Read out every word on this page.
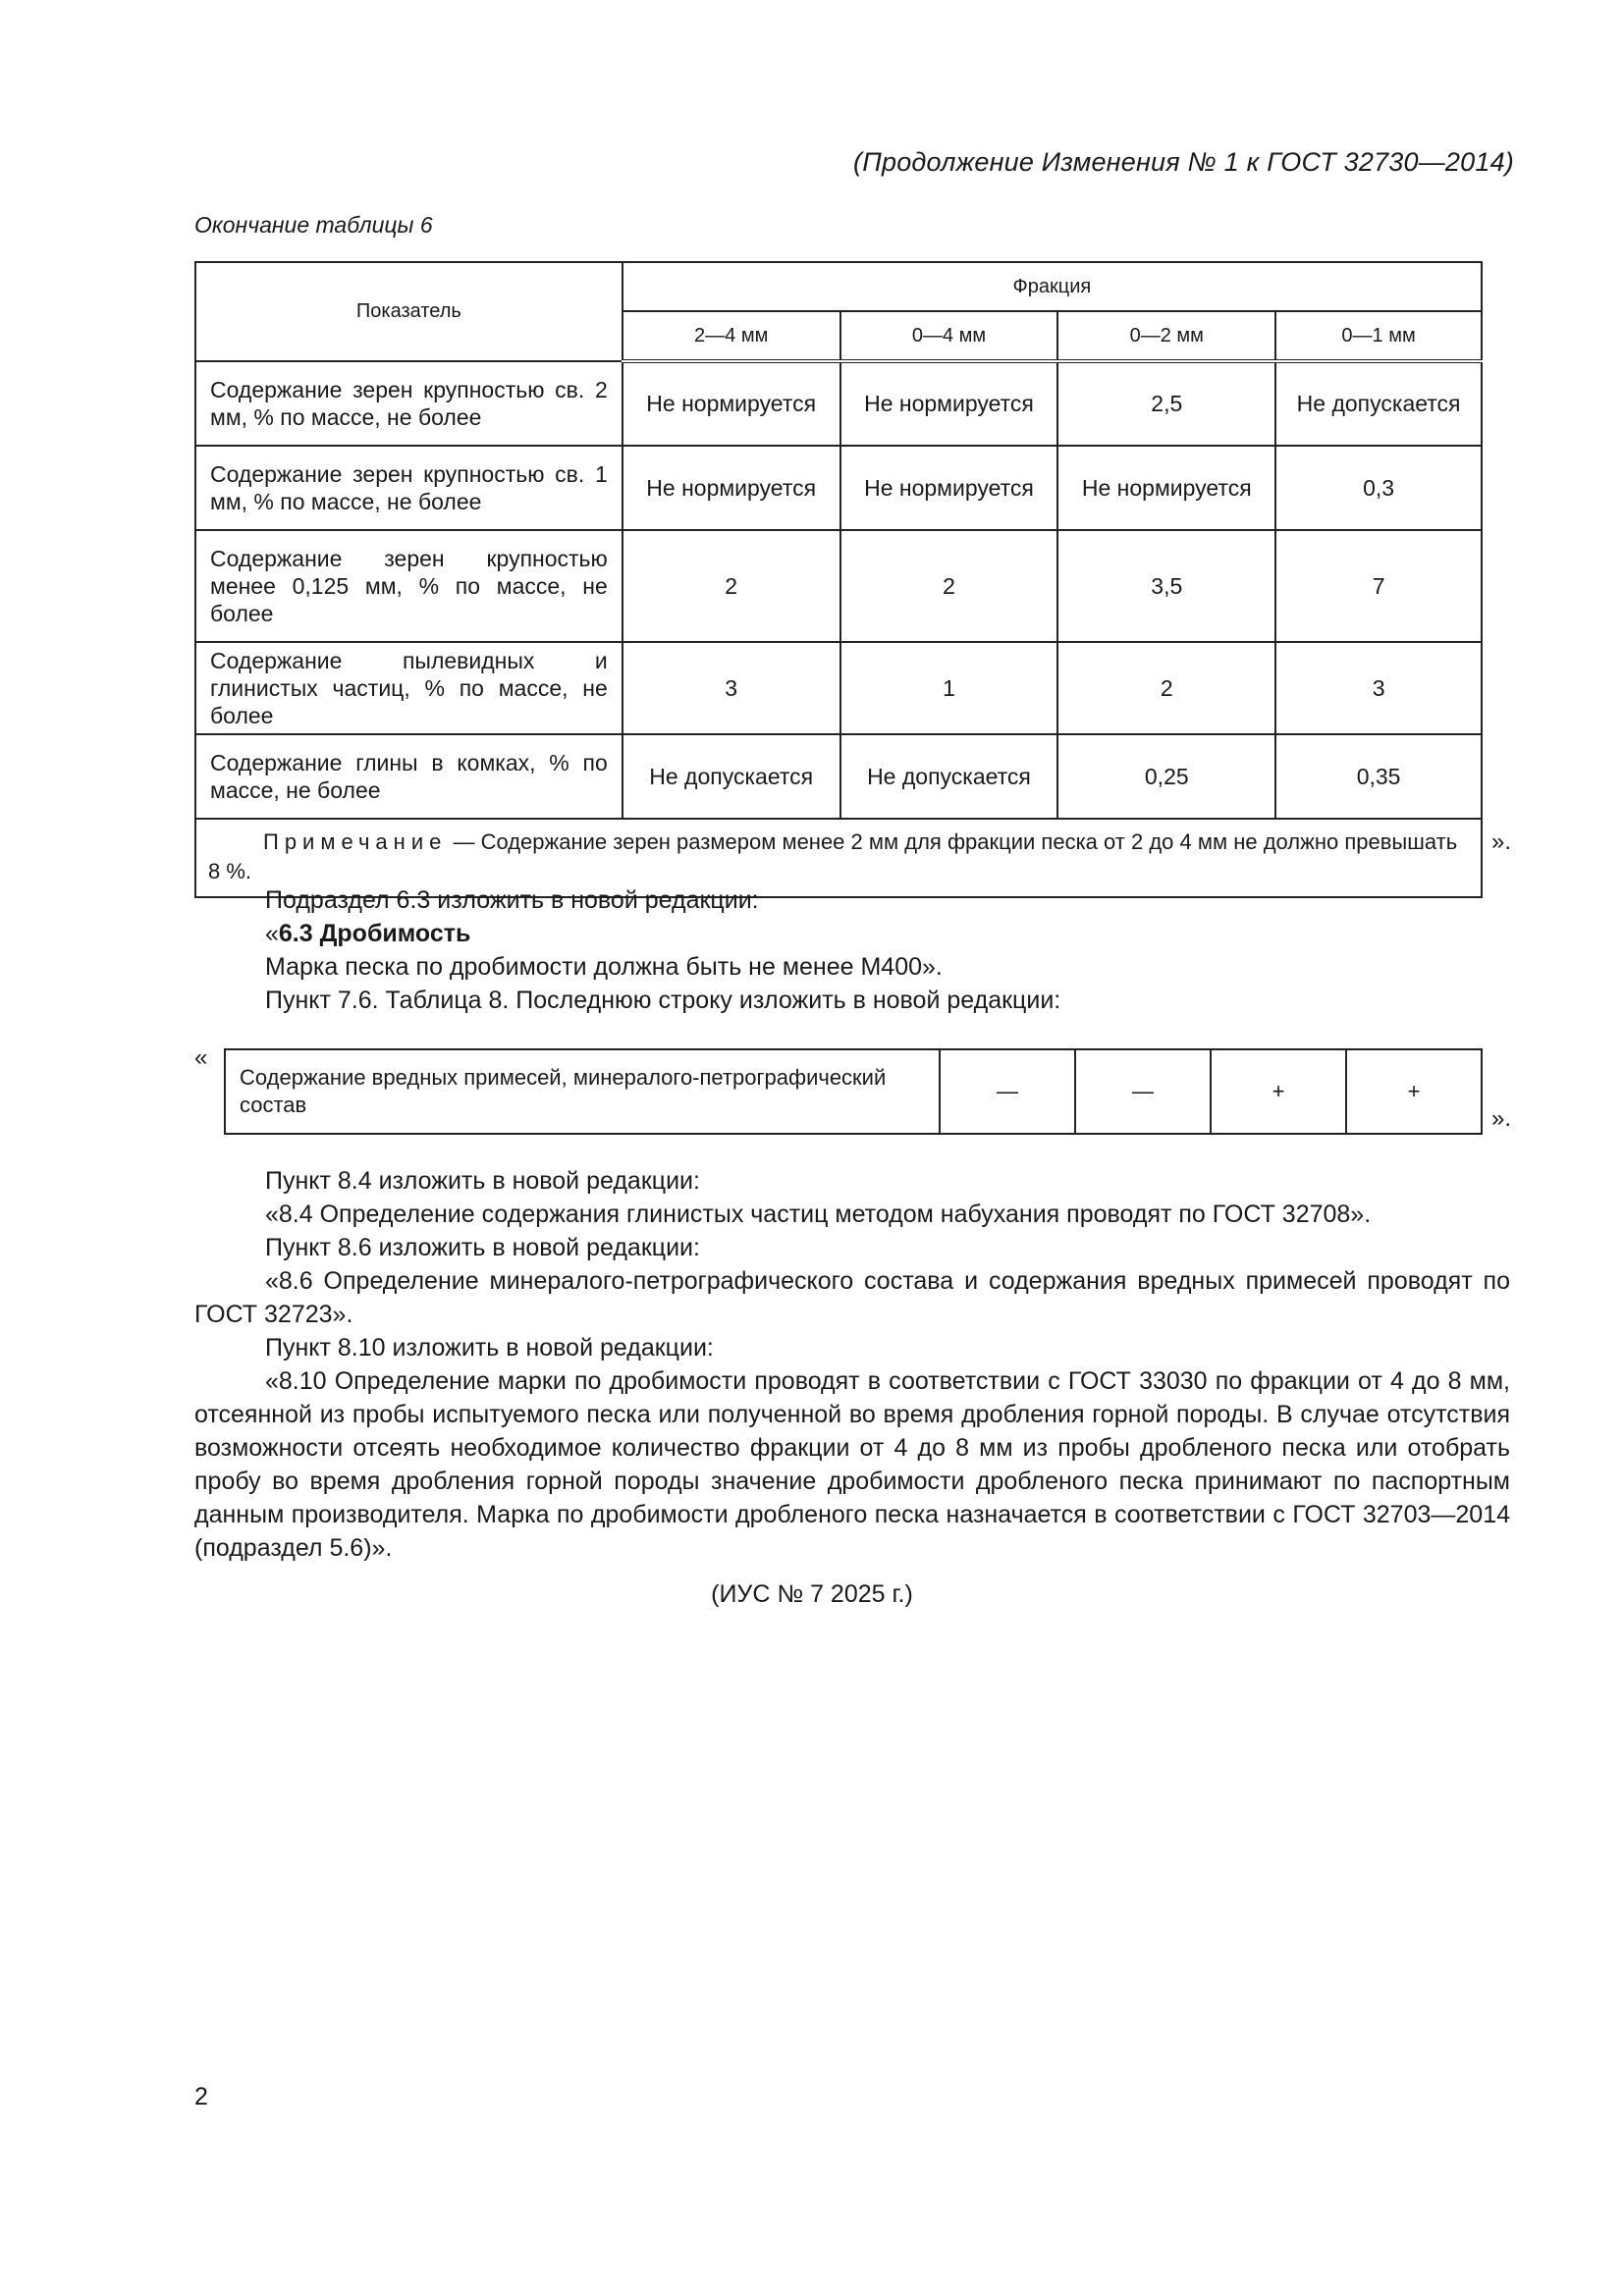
(Продолжение Изменения № 1 к ГОСТ 32730—2014)
Окончание таблицы 6
Показатель	Фракция			
	2—4 мм	0—4 мм	0—2 мм	0—1 мм
Содержание зерен крупностью св. 2 мм, % по массе, не более	Не нормируется	Не нормируется	2,5	Не допускается
Содержание зерен крупностью св. 1 мм, % по массе, не более	Не нормируется	Не нормируется	Не нормируется	0,3
Содержание зерен крупностью менее 0,125 мм, % по массе, не более	2	2	3,5	7
Содержание пылевидных и глинистых частиц, % по массе, не более	3	1	2	3
Содержание глины в комках, % по массе, не более	Не допускается	Не допускается	0,25	0,35
Примечание — Содержание зерен размером менее 2 мм для фракции песка от 2 до 4 мм не должно превышать 8 %.				
».
Подраздел 6.3 изложить в новой редакции:
«6.3 Дробимость
Марка песка по дробимости должна быть не менее М400».
Пункт 7.6. Таблица 8. Последнюю строку изложить в новой редакции:
«
Содержание вредных примесей, минералого-петрографический состав	—	—	+	+
».
Пункт 8.4 изложить в новой редакции:
«8.4 Определение содержания глинистых частиц методом набухания проводят по ГОСТ 32708».
Пункт 8.6 изложить в новой редакции:
«8.6 Определение минералого-петрографического состава и содержания вредных примесей проводят по ГОСТ 32723».
Пункт 8.10 изложить в новой редакции:
«8.10 Определение марки по дробимости проводят в соответствии с ГОСТ 33030 по фракции от 4 до 8 мм, отсеянной из пробы испытуемого песка или полученной во время дробления горной породы. В случае отсутствия возможности отсеять необходимое количество фракции от 4 до 8 мм из пробы дробленого песка или отобрать пробу во время дробления горной породы значение дробимости дробленого песка принимают по паспортным данным производителя. Марка по дробимости дробленого песка назначается в соответствии с ГОСТ 32703—2014 (подраздел 5.6)».
(ИУС № 7 2025 г.)
2
